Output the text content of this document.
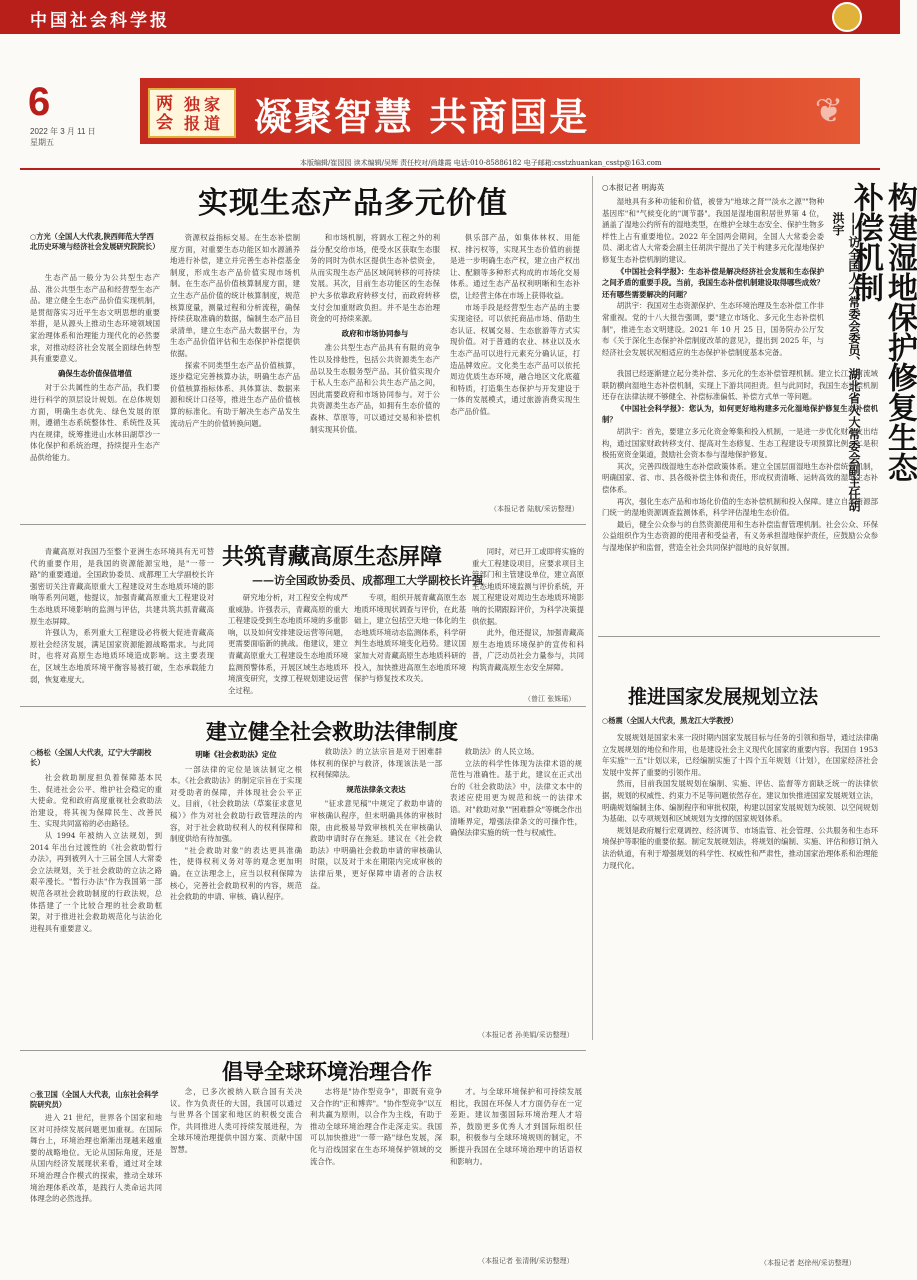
中国社会科学报
6
2022 年 3 月 11 日
星期五
两会
独家报道 凝聚智慧 共商国是	❦
本版编辑/崔园园 读术编辑/吴辉 责任校对/尚雄霞 电话:010-85886182 电子邮箱:csstzhuankan_csstp@163.com
实现生态产品多元价值
○方光（全国人大代表,陕西师范大学西北历史环境与经济社会发展研究院院长）

生态产品一般分为公共型生态产品、准公共型生态产品和经营型生态产品。建立健全生态产品价值实现机制，是贯彻落实习近平生态文明思想的重要举措，是从源头上推动生态环境领域国家治理体系和治理能力现代化的必然要求，对推动经济社会发展全面绿色转型具有重要意义。

确保生态价值保值增值

对于公共属性的生态产品，我们要进行科学的顶层设计规划。在总体规划方面，明确生态优先、绿色发展的原则，遵循生态系统整体性、系统性及其内在规律，统筹推进山水林田湖草沙一体化保护和系统治理，持续提升生态产品供给能力。

资源权益指标交易。在生态补偿制度方面，对重要生态功能区如水源涵养地进行补偿，建立并完善生态补偿基金制度，形成生态产品价值实现市场机制。在生态产品价值核算制度方面，建立生态产品价值的统计核算制度，规范核算度量，测量过程和分析流程，确保持续获取准确的数据，编制生态产品目录清单，建立生态产品大数据平台，为生态产品价值评估和生态保护补偿提供依据。

探索不同类型生态产品价值核算，逐步稳定完善核算办法，明确生态产品价值核算指标体系、具体算法、数据来源和统计口径等，推进生态产品价值核算的标准化。有助于解决生态产品发生流动后产生的价值转换问题。

和市场机制，将调水工程之外的利益分配交给市场，使受水区获取生态服务的同时为供水区提供生态补偿资金，从而实现生态产品区域间转移的可持续发展。其次，目前生态功能区的生态保护大多依靠政府转移支付，而政府转移支付会加重财政负担。并不是生态治理资金的可持续来源。

政府和市场协同参与

准公共型生态产品具有有限的竞争性以及排他性，包括公共资源类生态产品以及生态服务型产品。其价值实现介于私人生态产品和公共生态产品之间，因此需要政府和市场协同参与。对于公共资源类生态产品，如拥有生态价值的森林、草原等，可以通过交易和补偿机制实现其价值。

俱乐部产品，如集体林权、用能权、排污权等，实现其生态价值的前提是进一步明确生态产权，建立由产权出让、配额等多种形式构成的市场化交易体系。通过生态产品权利明晰和生态补偿，让经营主体在市场上获得收益。

市场手段是经营型生态产品的主要实现途径。可以依托商品市场、借助生态认证、权属交易、生态旅游等方式实现价值。对于普通的农业、林业以及水生态产品可以进行元素充分确认证，打造品牌效应。文化类生态产品可以依托周边优质生态环境，融合地区文化底蕴和特质，打造集生态保护与开发建设于一体的发展模式，通过旅游消费实现生态产品价值。

（本报记者 陆航/采访整理）
○本报记者 明海英	构建湿地保护修复生态补偿机制
——访全国人大常委会委员、湖北省人大常委会副主任胡洪宇

湿地具有多种功能和价值，被誉为"地球之肾""淡水之源""物种基因库"和"气候变化的"调节器"。我国是湿地面积居世界第 4 位，涵盖了湿地公约所有的湿地类型，在维护全球生态安全、保护生物多样性上占有重要地位。2022 年全国两会期间，全国人大常委会委员、湖北省人大常委会副主任胡洪宇提出了关于构建多元化湿地保护修复生态补偿机制的建议。

《中国社会科学报》：生态补偿是解决经济社会发展和生态保护之间矛盾的重要手段。当前，我国生态补偿机制建设取得哪些成效？还有哪些需要解决的问题？

胡洪宇：我国对生态资源保护、生态环境治理及生态补偿工作非常重视。党的十八大报告强调，要"建立市场化、多元化生态补偿机制"，推进生态文明建设。2021 年 10 月 25 日，国务院办公厅发布《关于深化生态保护补偿制度改革的意见》，提出到 2025 年，与经济社会发展状况相适应的生态保护补偿制度基本完备。

我国已经逐渐建立起分类补偿、多元化的生态补偿管理机制。建立长江大河流域联防横向湿地生态补偿机制，实现上下游共同担责。但与此同时，我国生态补偿机制还存在法律法规不够健全、补偿标准偏低、补偿方式单一等问题。

《中国社会科学报》：您认为，如何更好地构建多元化湿地保护修复生态补偿机制？

胡洪宇：首先，要建立多元化资金筹集和投入机制，一是进一步优化财政支出结构，通过国家财政转移支付、提高对生态修复、生态工程建设专项预算比例；二是积极拓宽资金渠道，鼓励社会资本参与湿地保护修复。

其次，完善四级湿地生态补偿政策体系。建立全国层面湿地生态补偿统筹机制，明确国家、省、市、县各级补偿主体和责任，形成权责清晰、运转高效的湿地生态补偿体系。

再次，强化生态产品和市场化价值的生态补偿机制和投入保障。建立自然资源部门统一的湿地资源调查监测体系，科学评估湿地生态价值。

最后，健全公众参与的自然资源使用和生态补偿监督管理机制。社会公众、环保公益组织作为生态资源的使用者和受益者，有义务承担湿地保护责任，应鼓励公众参与湿地保护和监督，营造全社会共同保护湿地的良好氛围。

共筑青藏高原生态屏障
——访全国政协委员、成都理工大学副校长许强

青藏高原对我国乃至整个亚洲生态环境具有无可替代的重要作用，是我国的资源能源宝地，是"一带一路"的重要通道。全国政协委员、成都理工大学副校长许强密切关注青藏高原重大工程建设对生态地质环境的影响等系列问题，他提议，加强青藏高原重大工程建设对生态地质环境影响的监测与评估，共建共筑共抓青藏高原生态屏障。

许强认为，系列重大工程建设必将极大促进青藏高原社会经济发展，满足国家资源能源战略需求。与此同时，也将对高原生态地质环境造成影响。这主要表现在，区域生态地质环境平衡容易被打破，生态承载能力弱，恢复难度大。

研究地分析，对工程安全构成严重威胁。许强表示，青藏高原的重大工程建设受到生态地质环境的多重影响，以及如何安排建设运营等问题，更需要面临新的挑战。他建议，建立青藏高原重大工程建设生态地质环境监测预警体系，开展区域生态地质环境演变研究，支撑工程规划建设运营全过程。

专项，组织开展青藏高原生态地质环境现状调查与评价，在此基础上，建立包括空天地一体化的生态地质环境动态监测体系，科学研判生态地质环境变化趋势。建议国家加大对青藏高原生态地质科研的投入，加快推进高原生态地质环境保护与修复技术攻关。

同时，对已开工或即将实施的重大工程建设项目，应要求项目主管部门和主管建设单位，建立高原生态地质环境监测与评价系统，开展工程建设对周边生态地质环境影响的长期跟踪评价，为科学决策提供依据。

此外，他还提议，加强青藏高原生态地质环境保护的宣传和科普，广泛动员社会力量参与，共同构筑青藏高原生态安全屏障。

（曾江 张姝瑶）
建立健全社会救助法律制度
○杨松（全国人大代表，辽宁大学副校长）

社会救助制度担负着保障基本民生、促进社会公平、维护社会稳定的重大使命。党和政府高度重视社会救助法治建设，将其视为保障民生、改善民生、实现共同富裕的必由路径。

从 1994 年被纳入立法规划，到 2014 年出台过渡性的《社会救助暂行办法》，再到被列入十三届全国人大常委会立法规划，关于社会救助的立法之路艰辛漫长。"暂行办法"作为我国第一部规范各项社会救助制度的行政法规，总体搭建了一个比较合理的社会救助框架，对于推进社会救助规范化与法治化进程具有重要意义。

明晰《社会救助法》定位

一部法律的定位是该法制定之根本。《社会救助法》的制定宗旨在于实现对受助者的保障，并体现社会公平正义。目前，《社会救助法（草案征求意见稿）》作为对社会救助行政管理法的内容，对于社会救助权利人的权利保障和制度供给有待加强。

"社会救助对象"的表达更具准确性，使得权利义务对等的观念更加明确。在立法理念上，应当以权利保障为核心，完善社会救助权利的内容，规范社会救助的申请、审核、确认程序。

救助法》的立法宗旨是对于困难群体权利的保护与救济，体现该法是一部权利保障法。

规范法律条文表达

"征求意见稿"中规定了救助申请的审核确认程序，但未明确具体的审核时限，由此极易导致审核机关在审核确认救助申请时存在拖延。建议在《社会救助法》中明确社会救助申请的审核确认时限，以及对于未在期限内完成审核的法律后果，更好保障申请者的合法权益。

救助法》的人民立场。

立法的科学性体现为法律术语的规范性与准确性。基于此，建议在正式出台的《社会救助法》中，法律文本中的表述应使用更为规范和统一的法律术语。对"救助对象""困难群众"等概念作出清晰界定，增强法律条文的可操作性，确保法律实施的统一性与权威性。

（本报记者 孙美娟/采访整理）
推进国家发展规划立法
○杨震（全国人大代表，黑龙江大学教授）

发展规划是国家未来一段时期内国家发展目标与任务的引领和指导，通过法律确立发展规划的地位和作用，也是建设社会主义现代化国家的重要内容。我国自 1953 年实施"一五"计划以来，已经编制实施了十四个五年规划（计划），在国家经济社会发展中发挥了重要的引领作用。

然而，目前我国发展规划在编制、实施、评估、监督等方面缺乏统一的法律依据，规划的权威性、约束力不足等问题依然存在。建议加快推进国家发展规划立法，明确规划编制主体、编制程序和审批权限，构建以国家发展规划为统领、以空间规划为基础、以专项规划和区域规划为支撑的国家规划体系。

规划是政府履行宏观调控、经济调节、市场监管、社会管理、公共服务和生态环境保护等职能的重要依据。制定发展规划法，将规划的编制、实施、评估和修订纳入法治轨道，有利于增强规划的科学性、权威性和严肃性，推动国家治理体系和治理能力现代化。

（本报记者 赵徐州/采访整理）
倡导全球环境治理合作
○张卫国（全国人大代表，山东社会科学院研究员）

进入 21 世纪，世界各个国家和地区对可持续发展问题更加重视。在国际舞台上，环境治理也渐渐出现越来越重要的战略地位。无论从国际角度，还是从国内经济发展现状来看，通过对全球环境治理合作模式的探索，推动全球环境治理体系改革，是践行人类命运共同体理念的必然选择。

念，已多次被纳入联合国有关决议。作为负责任的大国，我国可以通过与世界各个国家和地区的积极交流合作，共同推进人类可持续发展进程，为全球环境治理提供中国方案、贡献中国智慧。

志将是"协作型竞争"，即既有竞争又合作的"正和博弈"。"协作型竞争"以互利共赢为原则，以合作为主线，有助于推动全球环境治理合作走深走实。我国可以加快推进"一带一路"绿色发展，深化与沿线国家在生态环境保护领域的交流合作。

才。与全球环境保护和可持续发展相比，我国在环保人才方面仍存在一定差距。建议加强国际环境治理人才培养，鼓励更多优秀人才到国际组织任职，积极参与全球环境规则的制定，不断提升我国在全球环境治理中的话语权和影响力。

（本报记者 张清俐/采访整理）
